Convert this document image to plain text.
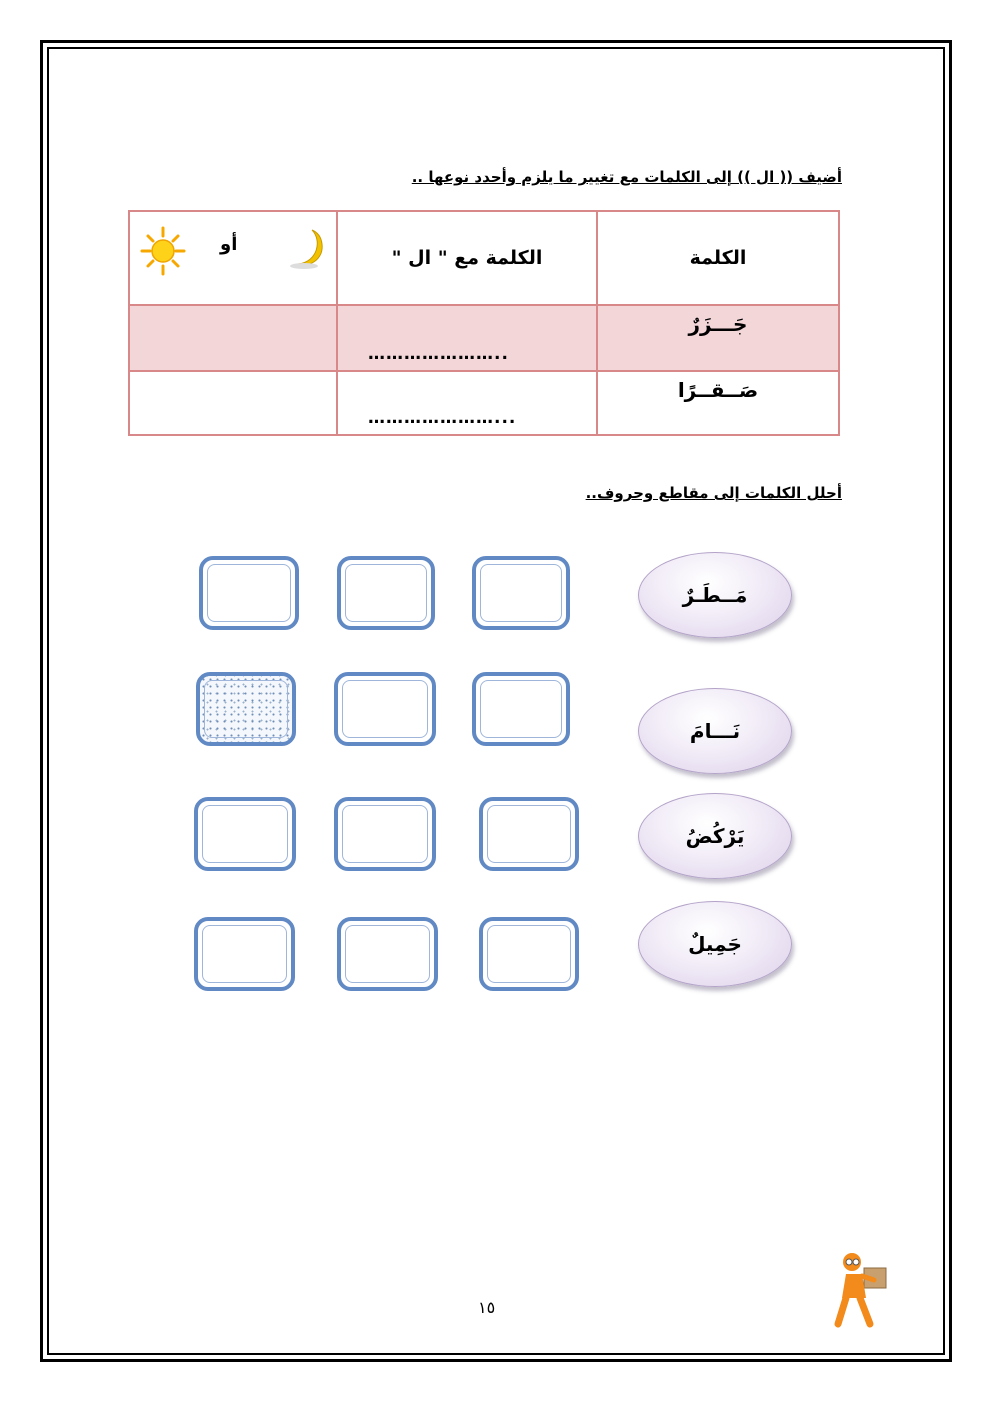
أضيف (( ال )) إلى الكلمات مع تغيير ما يلزم وأحدد نوعها ..
الكلمة	الكلمة مع " ال "	أو

جَـــزَرٌ	…………………..	

صَــقــرًا	…………………...	

أحلل الكلمات إلى مقاطع وحروف..
مَــطَـرٌ
نَـــامَ
يَرْكُضُ
جَمِيلٌ
١٥
